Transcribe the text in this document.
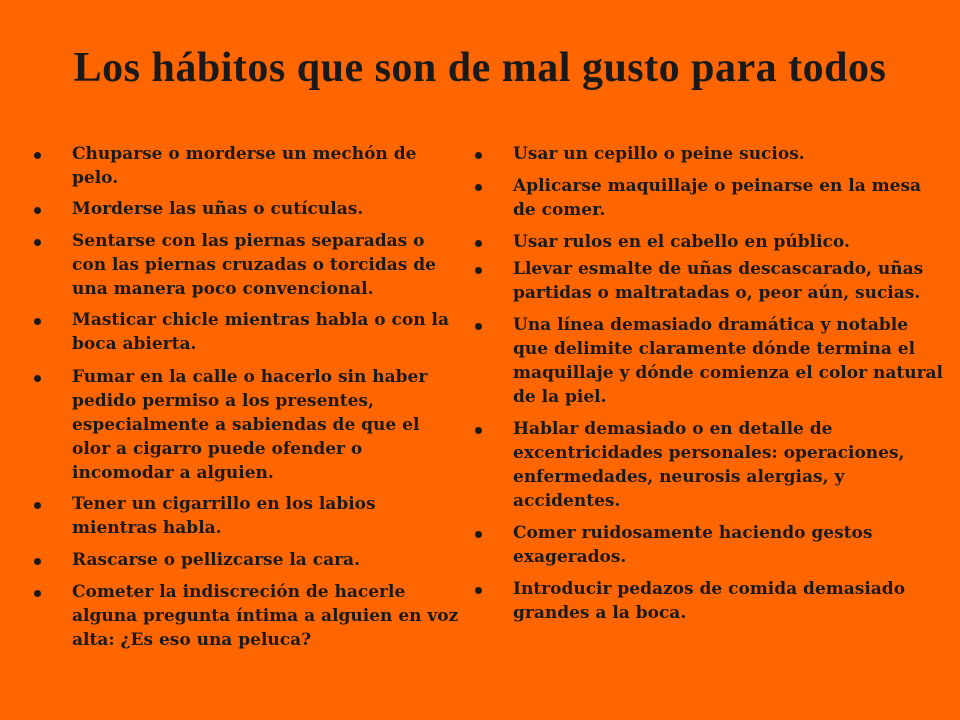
Los hábitos que son de mal gusto para todos
Chuparse o morderse un mechón de pelo.
Morderse las uñas o cutículas.
Sentarse con las piernas separadas o con las piernas cruzadas o torcidas de una manera poco convencional.
Masticar chicle mientras habla o con la boca abierta.
Fumar en la calle o hacerlo sin haber pedido permiso a los presentes, especialmente a sabiendas de que el olor a cigarro puede ofender o incomodar a alguien.
Tener un cigarrillo en los labios mientras habla.
Rascarse o pellizcarse la cara.
Cometer la indiscreción de hacerle alguna pregunta íntima a alguien en voz alta: ¿Es eso una peluca?
Usar un cepillo o peine sucios.
Aplicarse maquillaje o peinarse en la mesa de comer.
Usar rulos en el cabello en público.
Llevar esmalte de uñas descascarado, uñas partidas o maltratadas o, peor aún, sucias.
Una línea demasiado dramática y notable que delimite claramente dónde termina el maquillaje y dónde comienza el color natural de la piel.
Hablar demasiado o en detalle de excentricidades personales: operaciones, enfermedades, neurosis alergias, y accidentes.
Comer ruidosamente haciendo gestos exagerados.
Introducir pedazos de comida demasiado grandes a la boca.
